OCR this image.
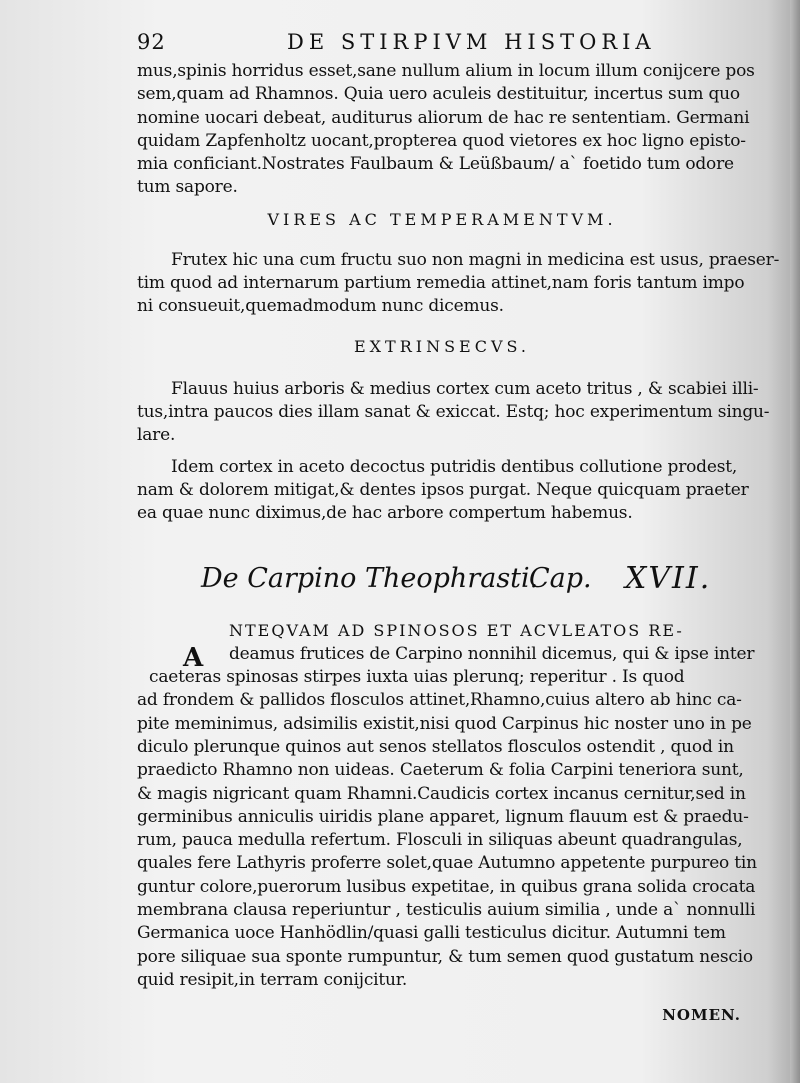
92	DE STIRPIVM HISTORIA
mus,spinis horridus esset,sane nullum alium in locum illum conijcere pos
sem,quam ad Rhamnos. Quia uero aculeis destituitur, incertus sum quo
nomine uocari debeat, auditurus aliorum de hac re sententiam. Germani
quidam Zapfenholtz uocant,propterea quod vietores ex hoc ligno episto-
mia conficiant.Nostrates Faulbaum & Leüßbaum/ a` foetido tum odore
tum sapore.
VIRES AC TEMPERAMENTVM.
Frutex hic una cum fructu suo non magni in medicina est usus, praeser-
tim quod ad internarum partium remedia attinet,nam foris tantum impo
ni consueuit,quemadmodum nunc dicemus.
EXTRINSECVS.
Flauus huius arboris & medius cortex cum aceto tritus , & scabiei illi-
tus,intra paucos dies illam sanat & exiccat. Estq; hoc experimentum singu-
lare.
Idem cortex in aceto decoctus putridis dentibus collutione prodest,
nam & dolorem mitigat,& dentes ipsos purgat. Neque quicquam praeter
ea quae nunc diximus,de hac arbore compertum habemus.
De Carpino Theophrasti.
Cap. XVII.
A
NTEQVAM AD SPINOSOS ET ACVLEATOS RE-
deamus frutices de Carpino nonnihil dicemus, qui & ipse inter
caeteras spinosas stirpes iuxta uias plerunq; reperitur . Is quod
ad frondem & pallidos flosculos attinet,Rhamno,cuius altero ab hinc ca-
pite meminimus, adsimilis existit,nisi quod Carpinus hic noster uno in pe
diculo plerunque quinos aut senos stellatos flosculos ostendit , quod in
praedicto Rhamno non uideas. Caeterum & folia Carpini teneriora sunt,
& magis nigricant quam Rhamni.Caudicis cortex incanus cernitur,sed in
germinibus anniculis uiridis plane apparet, lignum flauum est & praedu-
rum, pauca medulla refertum. Flosculi in siliquas abeunt quadrangulas,
quales fere Lathyris proferre solet,quae Autumno appetente purpureo tin
guntur colore,puerorum lusibus expetitae, in quibus grana solida crocata
membrana clausa reperiuntur , testiculis auium similia , unde a` nonnulli
Germanica uoce Hanhödlin/quasi galli testiculus dicitur. Autumni tem
pore siliquae sua sponte rumpuntur, & tum semen quod gustatum nescio
quid resipit,in terram conijcitur.
NOMEN.
